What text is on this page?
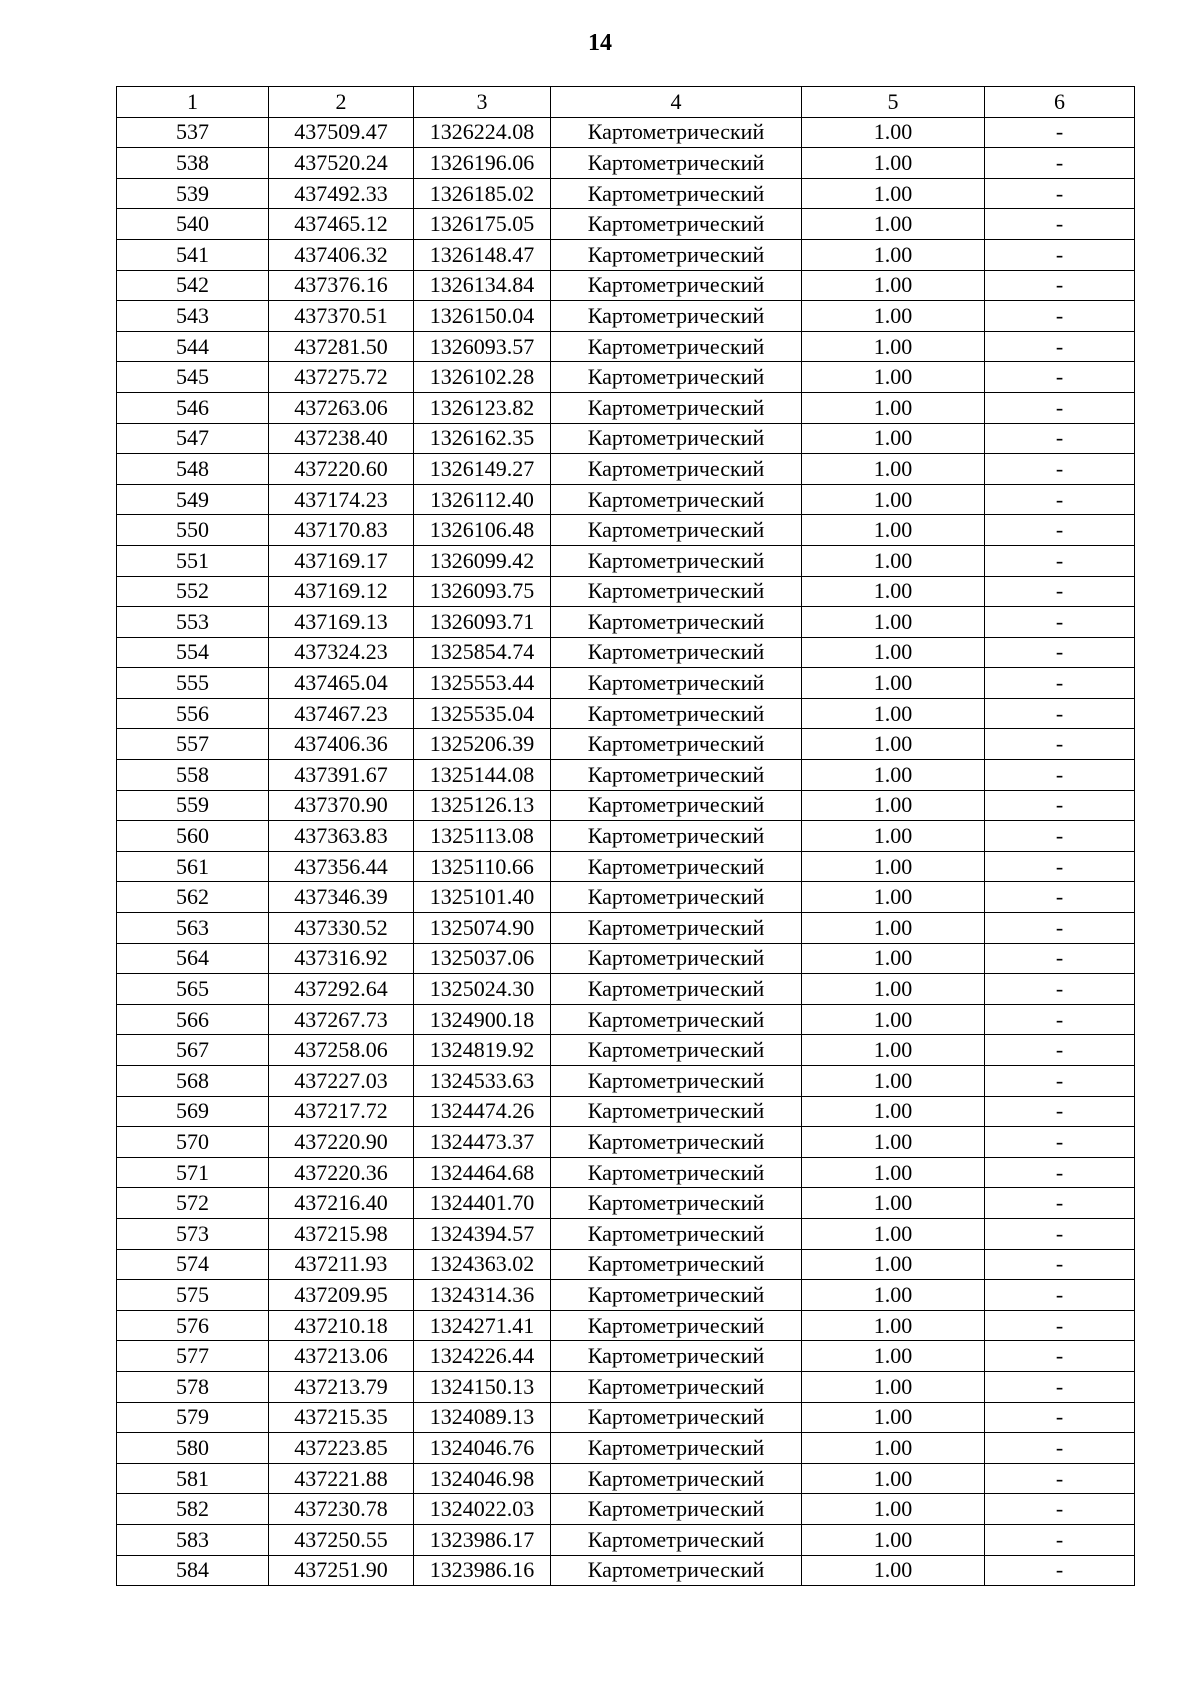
14
1	2	3	4	5	6
537	437509.47	1326224.08	Картометрический	1.00	-
538	437520.24	1326196.06	Картометрический	1.00	-
539	437492.33	1326185.02	Картометрический	1.00	-
540	437465.12	1326175.05	Картометрический	1.00	-
541	437406.32	1326148.47	Картометрический	1.00	-
542	437376.16	1326134.84	Картометрический	1.00	-
543	437370.51	1326150.04	Картометрический	1.00	-
544	437281.50	1326093.57	Картометрический	1.00	-
545	437275.72	1326102.28	Картометрический	1.00	-
546	437263.06	1326123.82	Картометрический	1.00	-
547	437238.40	1326162.35	Картометрический	1.00	-
548	437220.60	1326149.27	Картометрический	1.00	-
549	437174.23	1326112.40	Картометрический	1.00	-
550	437170.83	1326106.48	Картометрический	1.00	-
551	437169.17	1326099.42	Картометрический	1.00	-
552	437169.12	1326093.75	Картометрический	1.00	-
553	437169.13	1326093.71	Картометрический	1.00	-
554	437324.23	1325854.74	Картометрический	1.00	-
555	437465.04	1325553.44	Картометрический	1.00	-
556	437467.23	1325535.04	Картометрический	1.00	-
557	437406.36	1325206.39	Картометрический	1.00	-
558	437391.67	1325144.08	Картометрический	1.00	-
559	437370.90	1325126.13	Картометрический	1.00	-
560	437363.83	1325113.08	Картометрический	1.00	-
561	437356.44	1325110.66	Картометрический	1.00	-
562	437346.39	1325101.40	Картометрический	1.00	-
563	437330.52	1325074.90	Картометрический	1.00	-
564	437316.92	1325037.06	Картометрический	1.00	-
565	437292.64	1325024.30	Картометрический	1.00	-
566	437267.73	1324900.18	Картометрический	1.00	-
567	437258.06	1324819.92	Картометрический	1.00	-
568	437227.03	1324533.63	Картометрический	1.00	-
569	437217.72	1324474.26	Картометрический	1.00	-
570	437220.90	1324473.37	Картометрический	1.00	-
571	437220.36	1324464.68	Картометрический	1.00	-
572	437216.40	1324401.70	Картометрический	1.00	-
573	437215.98	1324394.57	Картометрический	1.00	-
574	437211.93	1324363.02	Картометрический	1.00	-
575	437209.95	1324314.36	Картометрический	1.00	-
576	437210.18	1324271.41	Картометрический	1.00	-
577	437213.06	1324226.44	Картометрический	1.00	-
578	437213.79	1324150.13	Картометрический	1.00	-
579	437215.35	1324089.13	Картометрический	1.00	-
580	437223.85	1324046.76	Картометрический	1.00	-
581	437221.88	1324046.98	Картометрический	1.00	-
582	437230.78	1324022.03	Картометрический	1.00	-
583	437250.55	1323986.17	Картометрический	1.00	-
584	437251.90	1323986.16	Картометрический	1.00	-
